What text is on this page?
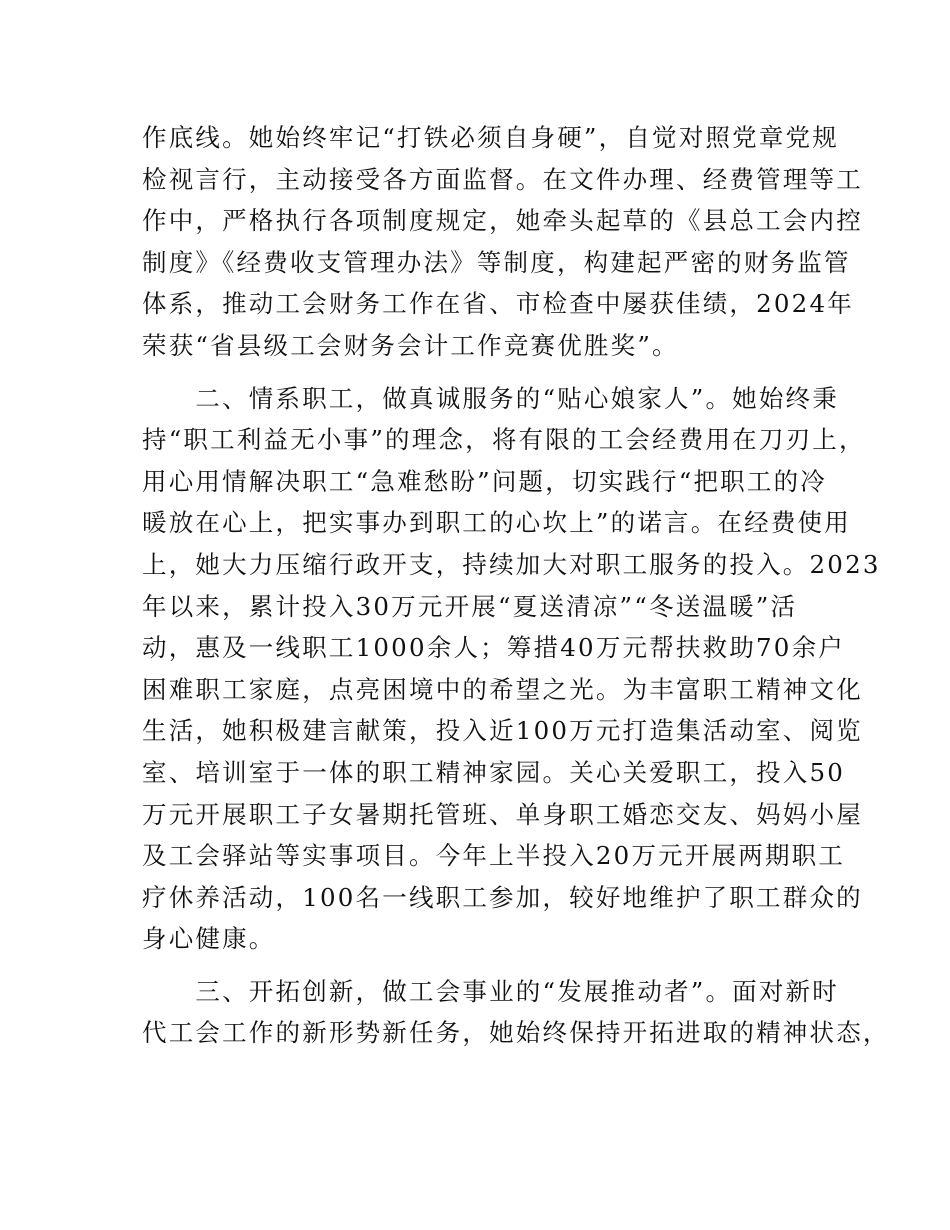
作底线。她始终牢记“打铁必须自身硬”，自觉对照党章党规
检视言行，主动接受各方面监督。在文件办理、经费管理等工
作中，严格执行各项制度规定，她牵头起草的《县总工会内控
制度》《经费收支管理办法》等制度，构建起严密的财务监管
体系，推动工会财务工作在省、市检查中屡获佳绩，2024年
荣获“省县级工会财务会计工作竞赛优胜奖”。
　　二、情系职工，做真诚服务的“贴心娘家人”。她始终秉
持“职工利益无小事”的理念，将有限的工会经费用在刀刃上，
用心用情解决职工“急难愁盼”问题，切实践行“把职工的冷
暖放在心上，把实事办到职工的心坎上”的诺言。在经费使用
上，她大力压缩行政开支，持续加大对职工服务的投入。2023
年以来，累计投入30万元开展“夏送清凉”“冬送温暖”活
动，惠及一线职工1000余人；筹措40万元帮扶救助70余户
困难职工家庭，点亮困境中的希望之光。为丰富职工精神文化
生活，她积极建言献策，投入近100万元打造集活动室、阅览
室、培训室于一体的职工精神家园。关心关爱职工，投入50
万元开展职工子女暑期托管班、单身职工婚恋交友、妈妈小屋
及工会驿站等实事项目。今年上半投入20万元开展两期职工
疗休养活动，100名一线职工参加，较好地维护了职工群众的
身心健康。
　　三、开拓创新，做工会事业的“发展推动者”。面对新时
代工会工作的新形势新任务，她始终保持开拓进取的精神状态，
